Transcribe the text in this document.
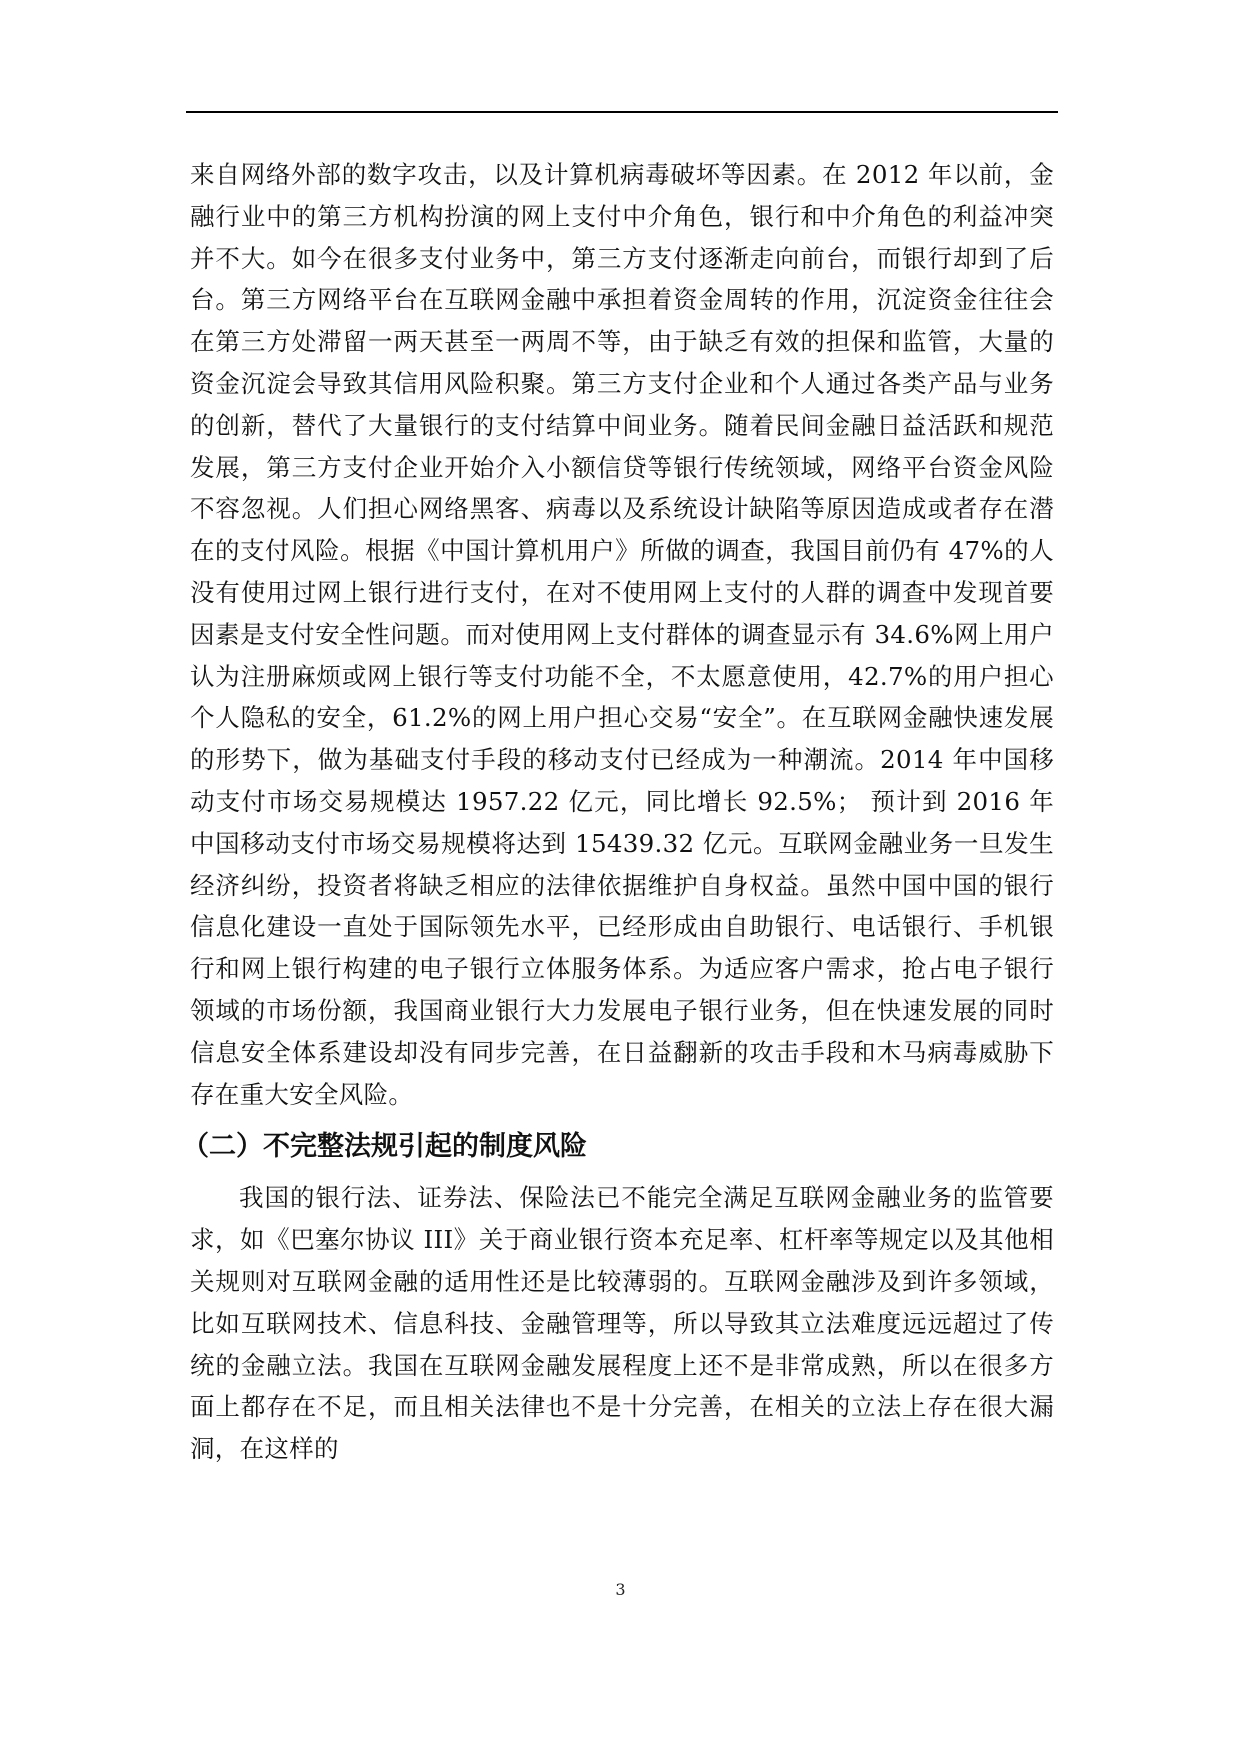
来自网络外部的数字攻击，以及计算机病毒破坏等因素。在 2012 年以前，金融行业中的第三方机构扮演的网上支付中介角色，银行和中介角色的利益冲突并不大。如今在很多支付业务中，第三方支付逐渐走向前台，而银行却到了后台。第三方网络平台在互联网金融中承担着资金周转的作用，沉淀资金往往会在第三方处滞留一两天甚至一两周不等，由于缺乏有效的担保和监管，大量的资金沉淀会导致其信用风险积聚。第三方支付企业和个人通过各类产品与业务的创新，替代了大量银行的支付结算中间业务。随着民间金融日益活跃和规范发展，第三方支付企业开始介入小额信贷等银行传统领域，网络平台资金风险不容忽视。人们担心网络黑客、病毒以及系统设计缺陷等原因造成或者存在潜在的支付风险。根据《中国计算机用户》所做的调查，我国目前仍有 47%的人没有使用过网上银行进行支付，在对不使用网上支付的人群的调查中发现首要因素是支付安全性问题。而对使用网上支付群体的调查显示有 34.6%网上用户认为注册麻烦或网上银行等支付功能不全，不太愿意使用，42.7%的用户担心个人隐私的安全，61.2%的网上用户担心交易“安全”。在互联网金融快速发展的形势下，做为基础支付手段的移动支付已经成为一种潮流。2014 年中国移动支付市场交易规模达 1957.22 亿元，同比增长 92.5%； 预计到 2016 年中国移动支付市场交易规模将达到 15439.32 亿元。互联网金融业务一旦发生经济纠纷，投资者将缺乏相应的法律依据维护自身权益。虽然中国中国的银行信息化建设一直处于国际领先水平，已经形成由自助银行、电话银行、手机银行和网上银行构建的电子银行立体服务体系。为适应客户需求，抢占电子银行领域的市场份额，我国商业银行大力发展电子银行业务，但在快速发展的同时信息安全体系建设却没有同步完善，在日益翻新的攻击手段和木马病毒威胁下存在重大安全风险。

（二）不完整法规引起的制度风险

我国的银行法、证券法、保险法已不能完全满足互联网金融业务的监管要求，如《巴塞尔协议 III》关于商业银行资本充足率、杠杆率等规定以及其他相关规则对互联网金融的适用性还是比较薄弱的。互联网金融涉及到许多领域，比如互联网技术、信息科技、金融管理等，所以导致其立法难度远远超过了传统的金融立法。我国在互联网金融发展程度上还不是非常成熟，所以在很多方面上都存在不足，而且相关法律也不是十分完善，在相关的立法上存在很大漏洞，在这样的

3
